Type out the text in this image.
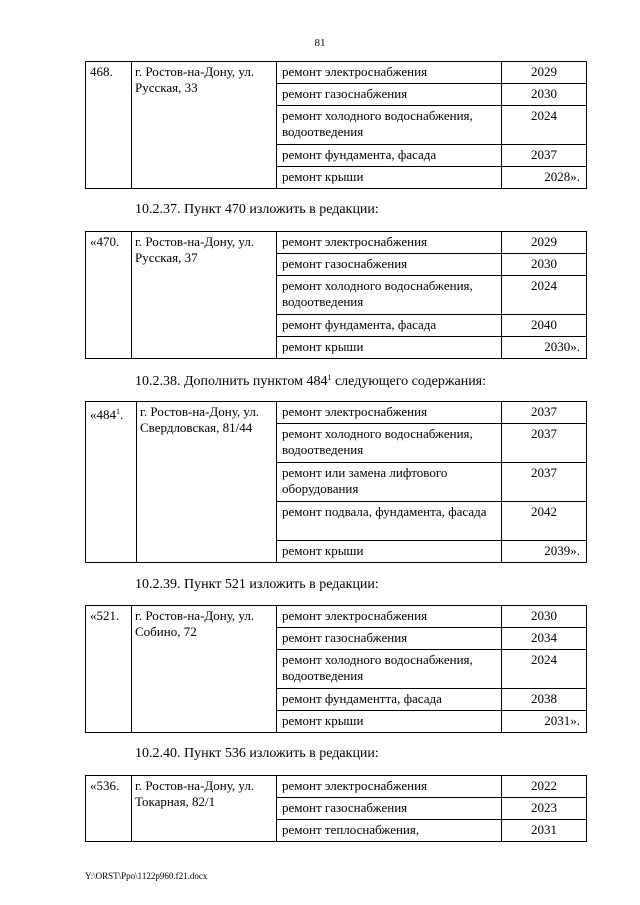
81
468.	г. Ростов-на-Дону, ул. Русская, 33	ремонт электроснабжения	2029
		ремонт газоснабжения	2030
		ремонт холодного водоснабжения, водоотведения	2024
		ремонт фундамента, фасада	2037
		ремонт крыши	2028».
10.2.37. Пункт 470 изложить в редакции:
«470.	г. Ростов-на-Дону, ул. Русская, 37	ремонт электроснабжения	2029
		ремонт газоснабжения	2030
		ремонт холодного водоснабжения, водоотведения	2024
		ремонт фундамента, фасада	2040
		ремонт крыши	2030».
10.2.38. Дополнить пунктом $484^1$ следующего содержания:
«$484^1$.	г. Ростов-на-Дону, ул. Свердловская, 81/44	ремонт электроснабжения	2037
		ремонт холодного водоснабжения, водоотведения	2037
		ремонт или замена лифтового оборудования	2037
		ремонт подвала, фундамента, фасада	2042
		ремонт крыши	2039».
10.2.39. Пункт 521 изложить в редакции:
«521.	г. Ростов-на-Дону, ул. Собино, 72	ремонт электроснабжения	2030
		ремонт газоснабжения	2034
		ремонт холодного водоснабжения, водоотведения	2024
		ремонт фундаментта, фасада	2038
		ремонт крыши	2031».
10.2.40. Пункт 536 изложить в редакции:
«536.	г. Ростов-на-Дону, ул. Токарная, 82/1	ремонт электроснабжения	2022
		ремонт газоснабжения	2023
		ремонт теплоснабжения,	2031
Y:\ORST\Ppo\1122p960.f21.docx
